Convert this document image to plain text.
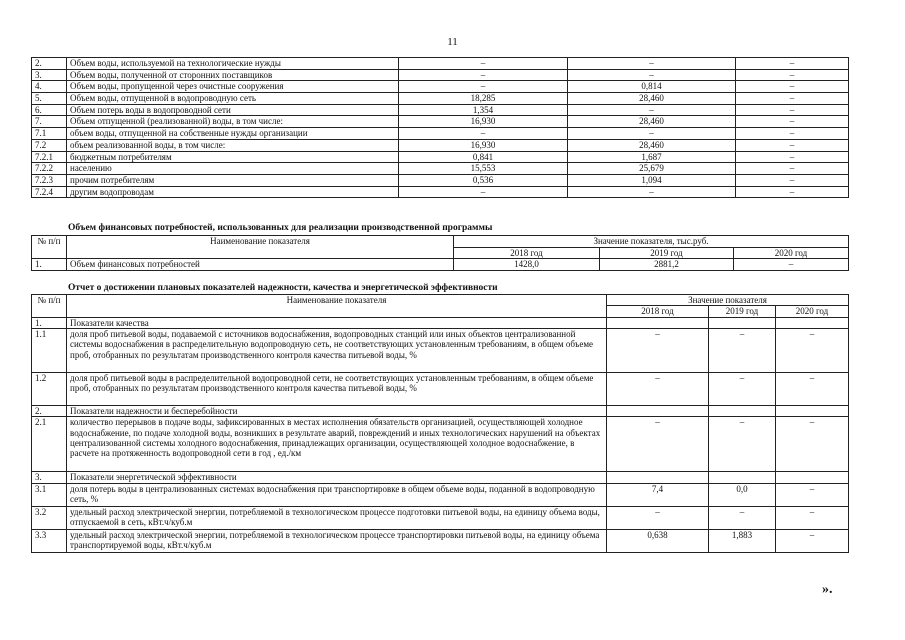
11
2.	Объем воды, используемой на технологические нужды	–	–	–
3.	Объем воды, полученной от сторонних поставщиков	–	–	–
4.	Объем воды, пропущенной через очистные сооружения	–	0,814	–
5.	Объем воды, отпущенной в водопроводную сеть	18,285	28,460	–
6.	Объем потерь воды в водопроводной сети	1,354	–	–
7.	Объем отпущенной (реализованной) воды, в том числе:	16,930	28,460	–
7.1	объем воды, отпущенной на собственные нужды организации	–	–	–
7.2	объем реализованной воды, в том числе:	16,930	28,460	–
7.2.1	бюджетным потребителям	0,841	1,687	–
7.2.2	населению	15,553	25,679	–
7.2.3	прочим потребителям	0,536	1,094	–
7.2.4	другим водопроводам	–	–	–
Объем финансовых потребностей, использованных для реализации производственной программы
№ п/п	Наименование показателя	Значение показателя, тыс.руб.		
		2018 год	2019 год	2020 год
1.	Объем финансовых потребностей	1428,0	2881,2	–
Отчет о достижении плановых показателей надежности, качества и энергетической эффективности
№ п/п	Наименование показателя	Значение показателя		
		2018 год	2019 год	2020 год
1.	Показатели качества			
1.1	доля проб питьевой воды, подаваемой с источников водоснабжения, водопроводных станций или иных объектов централизованной системы водоснабжения в распределительную водопроводную сеть, не соответствующих установленным требованиям, в общем объеме проб, отобранных по результатам производственного контроля качества питьевой воды, %	–	–	–
1.2	доля проб питьевой воды в распределительной водопроводной сети, не соответствующих установленным требованиям, в общем объеме проб, отобранных по результатам производственного контроля качества питьевой воды, %	–	–	–
2.	Показатели надежности и бесперебойности			
2.1	количество перерывов в подаче воды, зафиксированных в местах исполнения обязательств организацией, осуществляющей холодное водоснабжение, по подаче холодной воды, возникших в результате аварий, повреждений и иных технологических нарушений на объектах централизованной системы холодного водоснабжения, принадлежащих организации, осуществляющей холодное водоснабжение, в расчете на протяженность водопроводной сети в год , ед./км	–	–	–
3.	Показатели энергетической эффективности			
3.1	доля потерь воды в централизованных системах водоснабжения при транспортировке в общем объеме воды, поданной в водопроводную сеть, %	7,4	0,0	–
3.2	удельный расход электрической энергии, потребляемой в технологическом процессе подготовки питьевой воды, на единицу объема воды, отпускаемой в сеть, кВт.ч/куб.м	–	–	–
3.3	удельный расход электрической энергии, потребляемой в технологическом процессе транспортировки питьевой воды, на единицу объема транспортируемой воды, кВт.ч/куб.м	0,638	1,883	–
».
